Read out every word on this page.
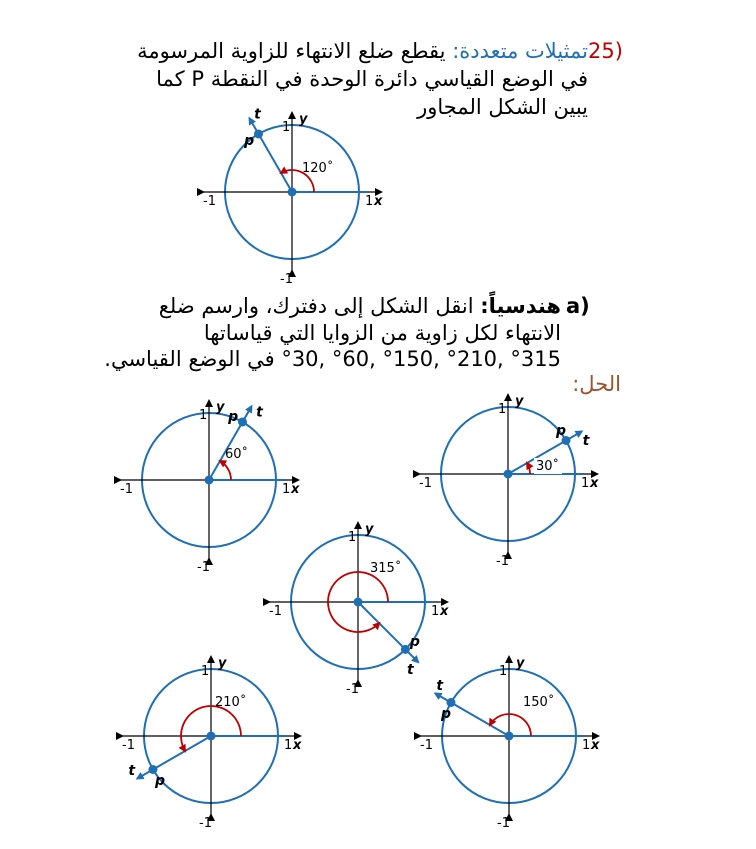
25)
تمثيلات متعددة: يقطع ضلع الانتهاء للزاوية المرسومة
في الوضع القياسي دائرة الوحدة في النقطة P كما
يبين الشكل المجاور
a)
هندسياً: انقل الشكل إلى دفترك، وارسم ضلع
الانتهاء لكل زاوية من الزوايا التي قياساتها
°315 ,°210 ,°150 ,°60 ,°30 في الوضع القياسي.
الحل:
y
1
1 x
-1
-1
p
t
120˚
y
1
1 x
-1
-1
p t
60˚
y
1
1 x
-1
-1
p
t
30˚
y
1
1 x
-1
-1
p
t
315˚
y
1
1 x
-1
-1
p
t
210˚
y
1
1 x
-1
-1
p
t
150˚
